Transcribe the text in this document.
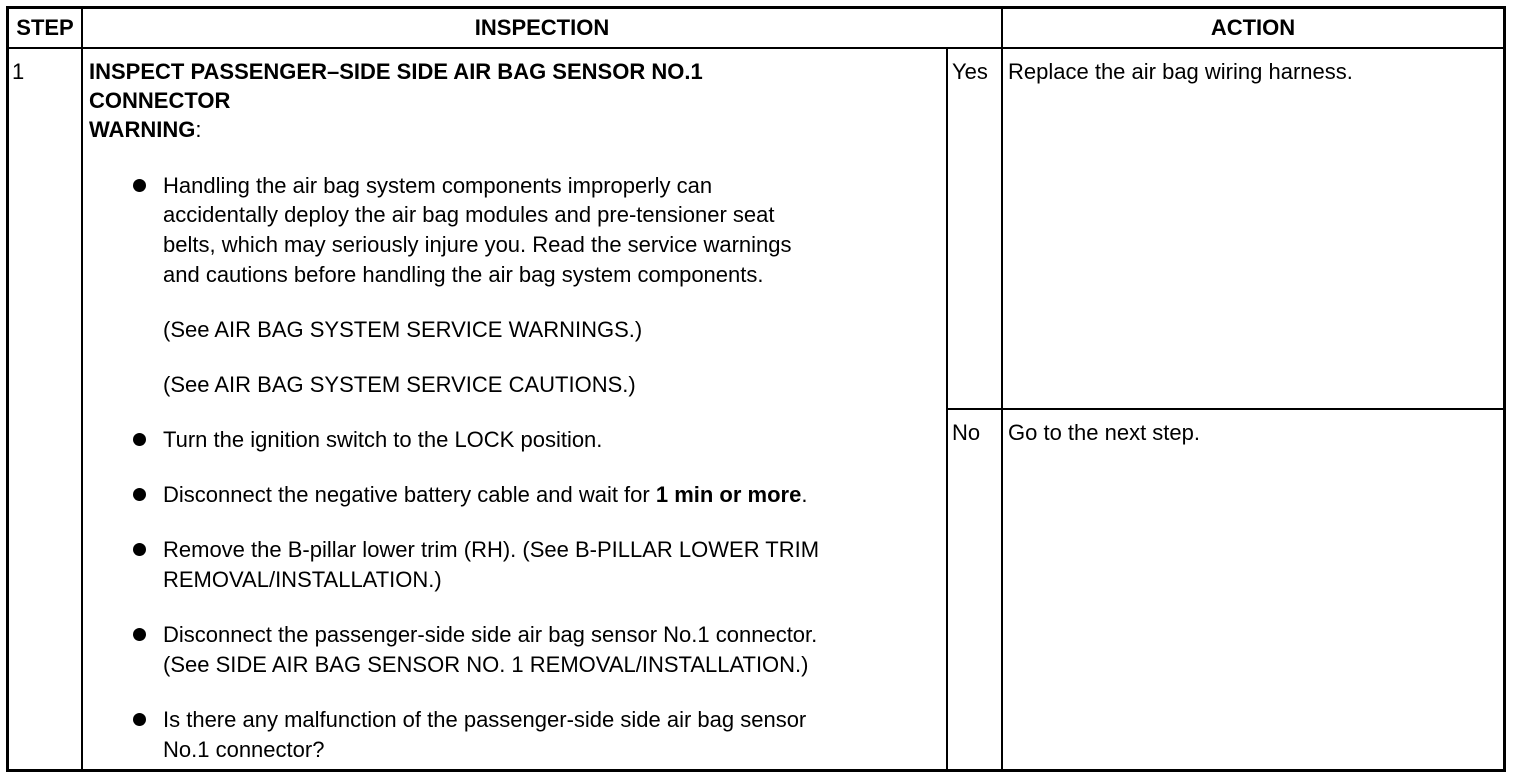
STEP	INSPECTION	ACTION
1	INSPECT PASSENGER–SIDE SIDE AIR BAG SENSOR NO.1
CONNECTOR
WARNING:
Handling the air bag system components improperly can
accidentally deploy the air bag modules and pre-tensioner seat
belts, which may seriously injure you. Read the service warnings
and cautions before handling the air bag system components.
(See AIR BAG SYSTEM SERVICE WARNINGS.)
(See AIR BAG SYSTEM SERVICE CAUTIONS.)
Turn the ignition switch to the LOCK position.
Disconnect the negative battery cable and wait for 1 min or more.
Remove the B-pillar lower trim (RH). (See B-PILLAR LOWER TRIM
REMOVAL/INSTALLATION.)
Disconnect the passenger-side side air bag sensor No.1 connector.
(See SIDE AIR BAG SENSOR NO. 1 REMOVAL/INSTALLATION.)
Is there any malfunction of the passenger-side side air bag sensor
No.1 connector?
Yes Replace the air bag wiring harness.
No Go to the next step.
